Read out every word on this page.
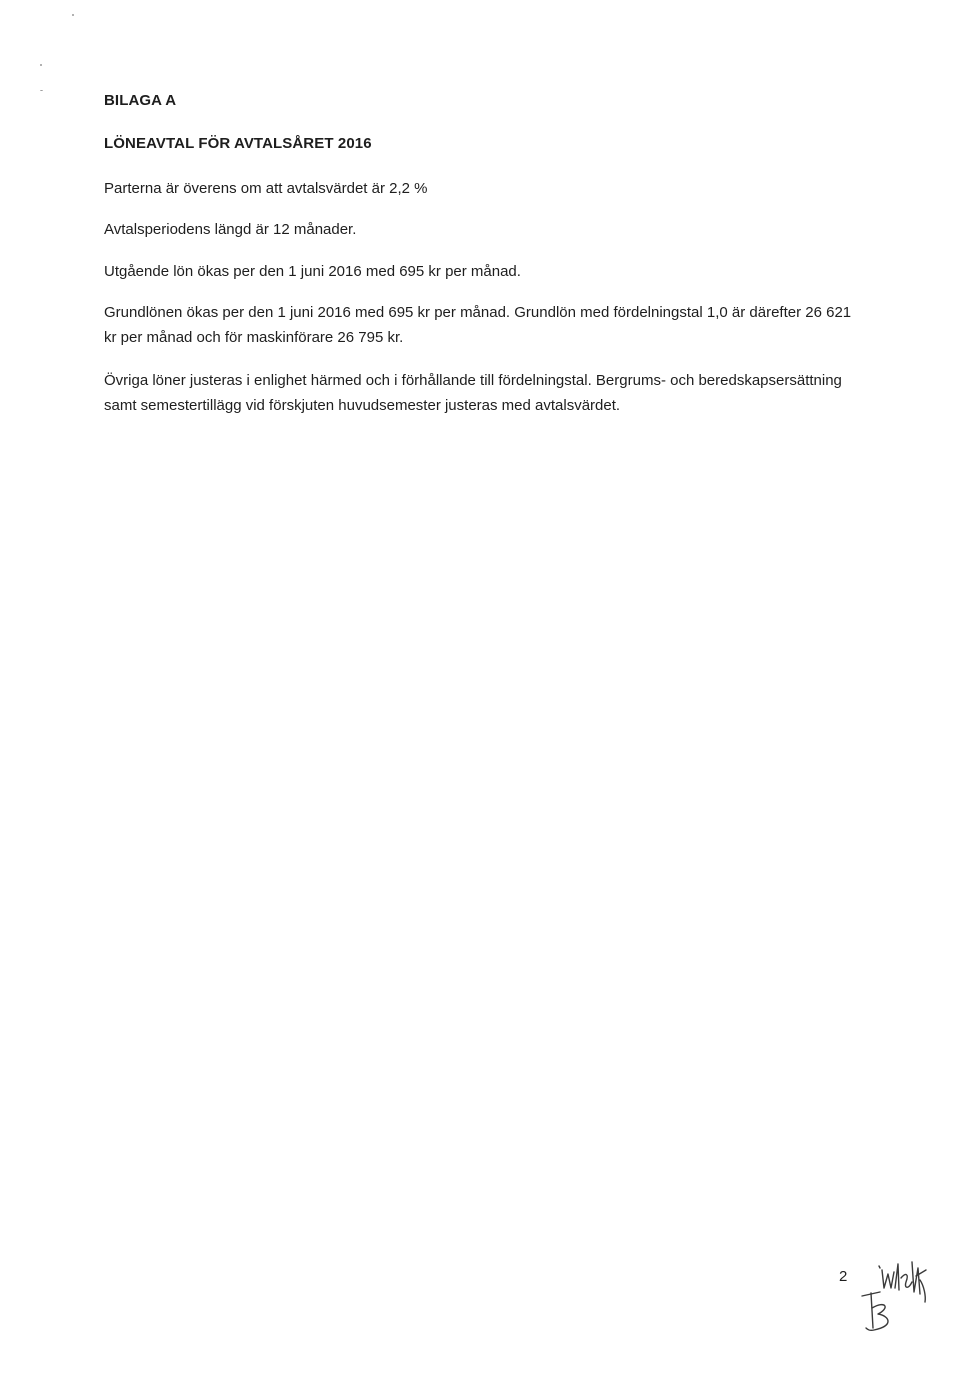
BILAGA A
LÖNEAVTAL FÖR AVTALSÅRET 2016

Parterna är överens om att avtalsvärdet är 2,2 %

Avtalsperiodens längd är 12 månader.

Utgående lön ökas per den 1 juni 2016 med 695 kr per månad.

Grundlönen ökas per den 1 juni 2016 med 695 kr per månad. Grundlön med fördelningstal 1,0 är därefter 26 621 kr per månad och för maskinförare 26 795 kr.

Övriga löner justeras i enlighet härmed och i förhållande till fördelningstal. Bergrums- och beredskapsersättning samt semestertillägg vid förskjuten huvudsemester justeras med avtalsvärdet.

2
